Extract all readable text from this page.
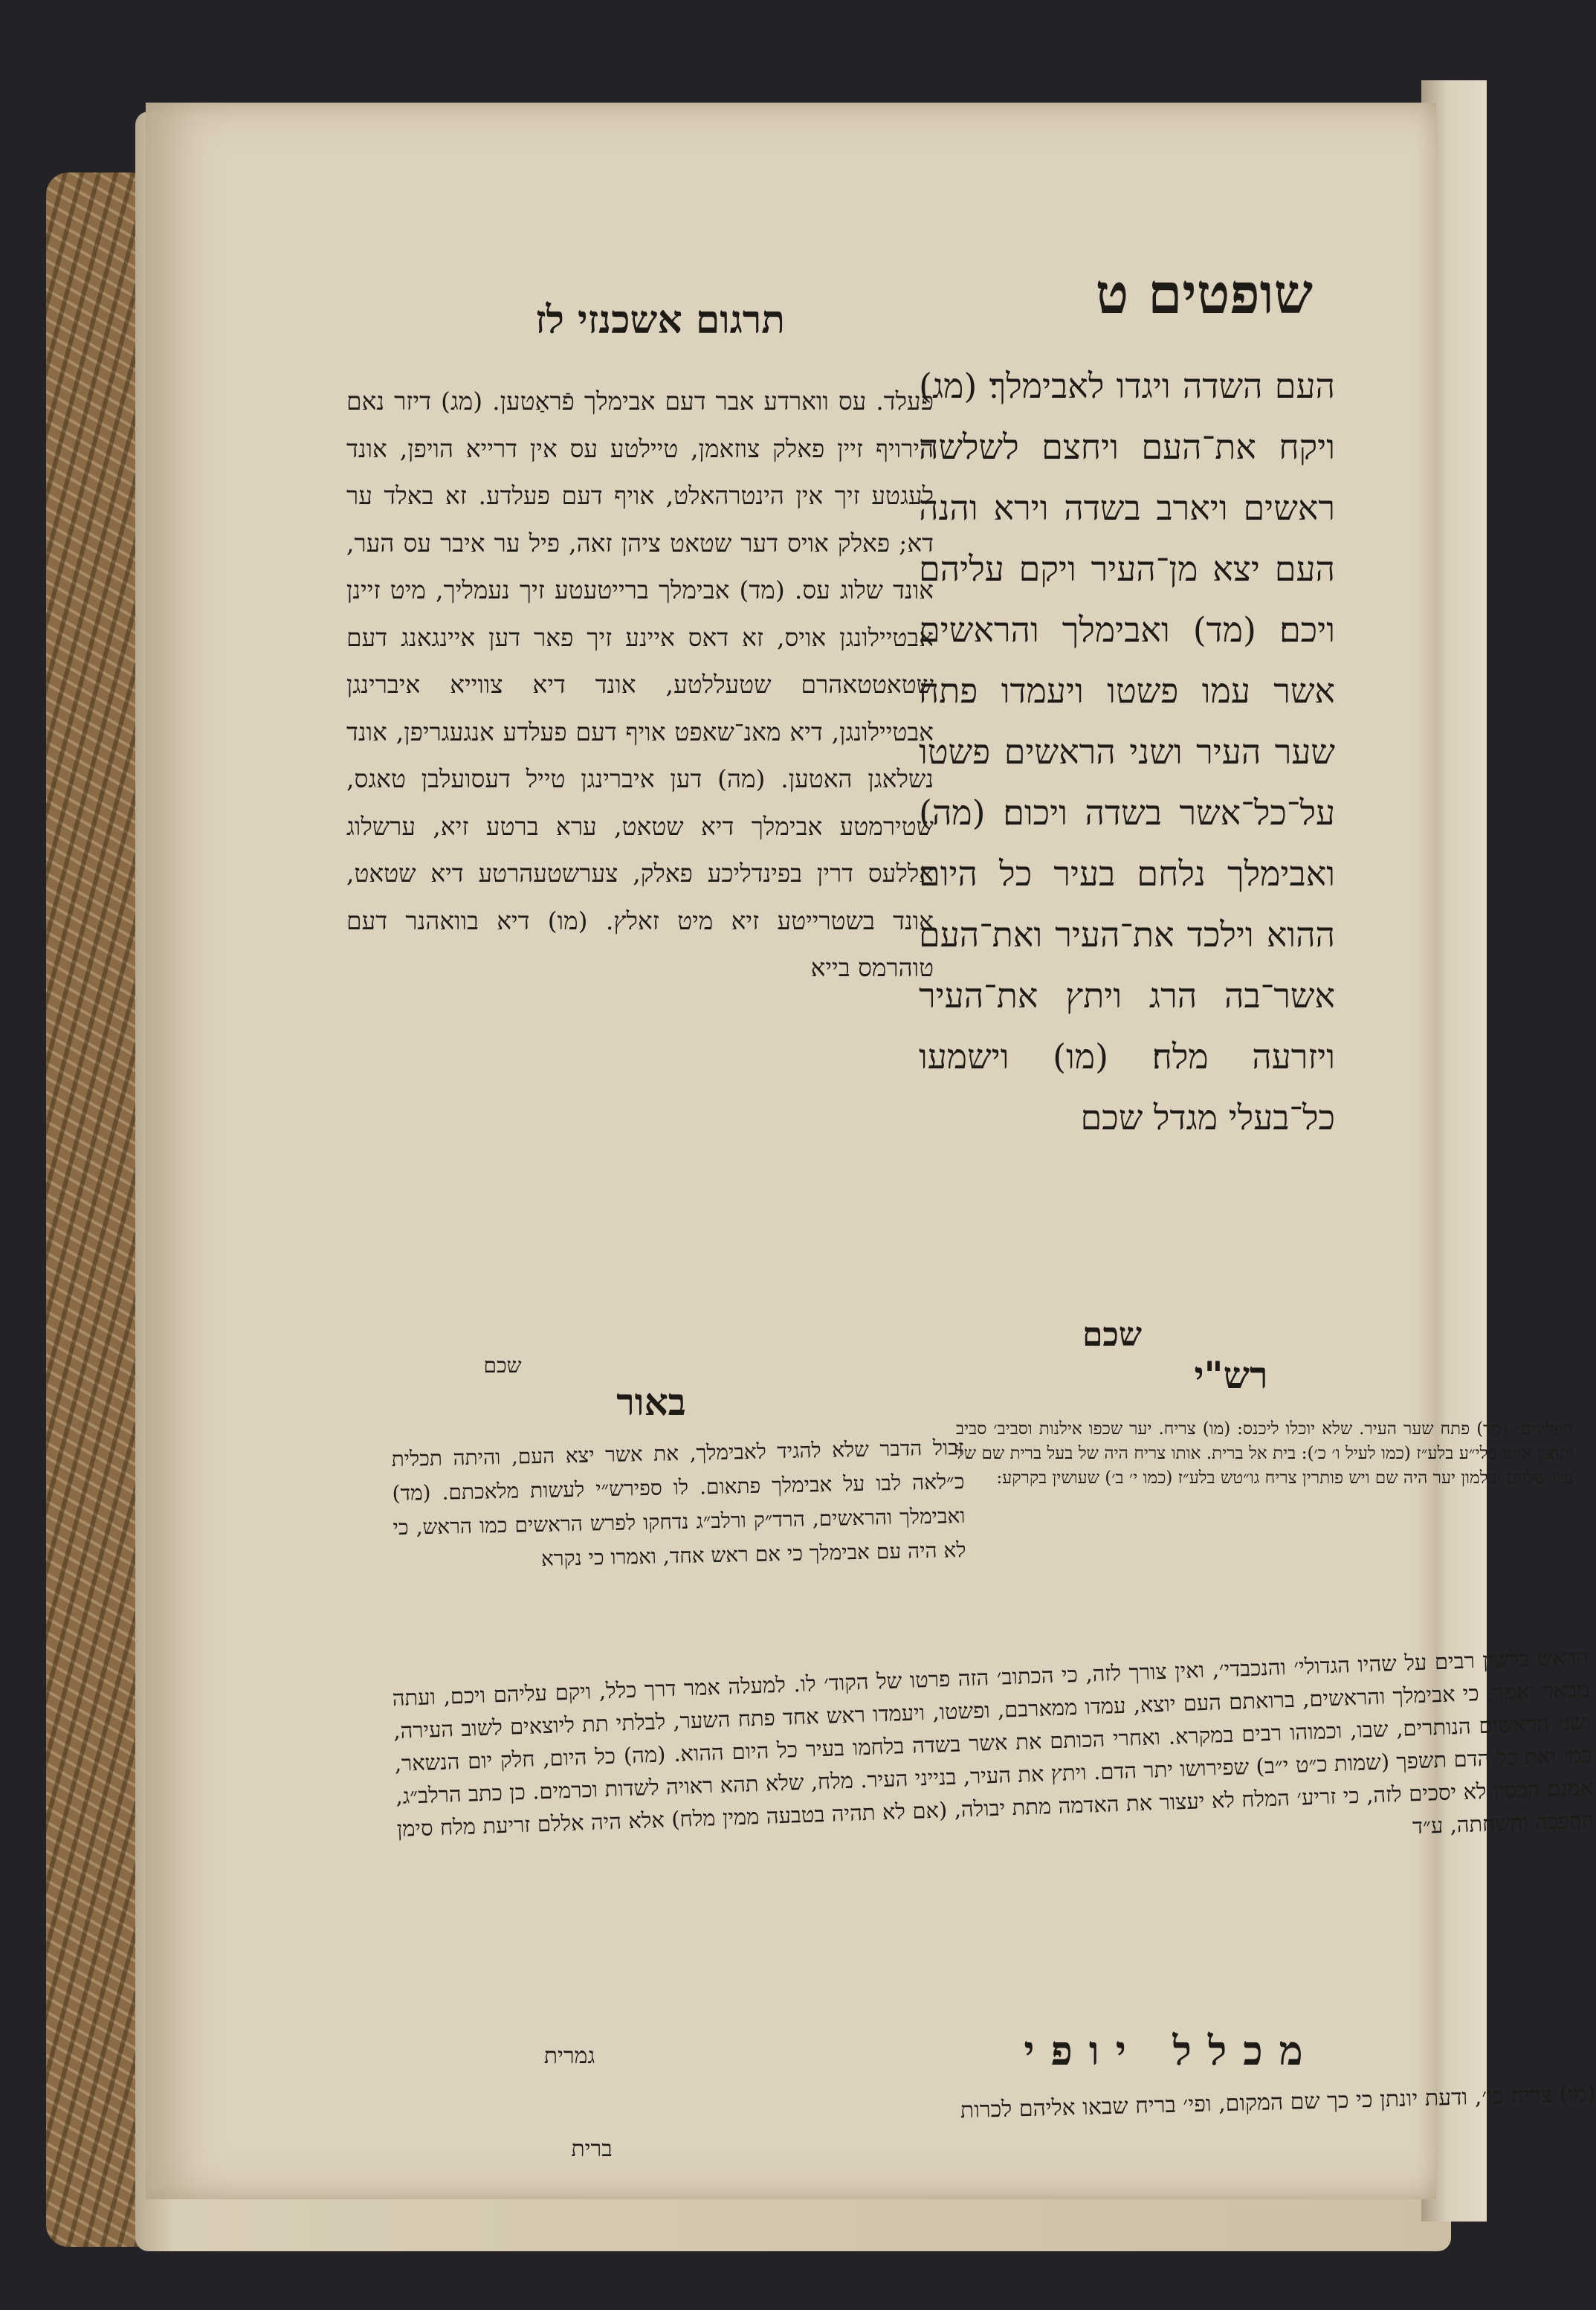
שופטים ט
תרגום אשכנזי לז
העם השדה ויגדו לאבימלך׃ (מג) ויקח את־העם ויחצם לשלשה ראשים ויארב בשדה וירא והנה העם יצא מן־העיר ויקם עליהם ויכם׃ (מד) ואבימלך והראשים אשר עמו פשטו ויעמדו פתח שער העיר ושני הראשים פשטו על־כל־אשר בשדה ויכום׃ (מה) ואבימלך נלחם בעיר כל היום ההוא וילכד את־העיר ואת־העם אשר־בה הרג ויתץ את־העיר ויזרעה מלח׃ (מו) וישמעו כל־בעלי מגדל שכם
פעלד. עס ווארדע אבר דעם אבימלך פֿראַטען. (מג) דיזר נאם הירויף זיין פאלק צוזאמן, טיילטע עס אין דרייא הויפן, אונד לעגטע זיך אין הינטרהאלט, אויף דעם פעלדע. זא באלד ער דא; פאלק אויס דער שטאט ציהן זאה, פיל ער איבר עס הער, אונד שלוג עס. (מד) אבימלך ברייטעטע זיך נעמליך, מיט זיינן אבטיילונגן אויס, זא דאס איינע זיך פאר דען איינגאנג דעם שטאטטאהרם שטעללטע, אונד דיא צווייא איברינגן אבטיילונגן, דיא מאנ־שאפט אויף דעם פעלדע אנגעגריפן, אונד נשלאגן האטען. (מה) דען איברינגן טייל דעסועלבן טאגס, שטירמטע אבימלך דיא שטאט, ערא ברטע זיא, ערשלוג אללעס דרין בפינדליכע פאלק, צערשטעהרטע דיא שטאט, אונד בשטרייטע זיא מיט זאלץ. (מו) דיא בוואהנר דעם טוהרמס בייא
שכם
רש"י
שכם
באור
חפליגים: (מד) פתח שער העיר. שלא יוכלו ליכנס: (מו) צריח. יער שכפו אילנות וסביב׳ סביב וקוצין אותו פלי״ע בלע״ז (כמו לעיל ו׳ כ׳): בית אל ברית. אותו צריח היה של בעל ברית שם של ע״ז שלהם וכלמון יער היה שם ויש פותרין צריח גו״טש בלע״ז (כמו י׳ ב׳) שעושין בקרקע:
זבול הדבר שלא להגיד לאבימלך, את אשר יצא העם, והיתה תכלית כ״לאה לבו על אבימלך פתאום. לו ספירש״י לעשות מלאכתם. (מד) ואבימלך והראשים, הרד״ק ורלב״ג נדחקו לפרש הראשים כמו הראש, כי לא היה עם אבימלך כי אם ראש אחד, ואמרו כי נקרא
הראש בלשון רבים על שהיו הגדולי׳ והנכבדי׳, ואין צורך לזה, כי הכתוב׳ הזה פרטו של הקוד׳ לו. למעלה אמר דרך כלל, ויקם עליהם ויכם, ועתה מבאר ואמר, כי אבימלך והראשים, ברואתם העם יוצא, עמדו ממארבם, ופשטו, ויעמדו ראש אחד פתח השער, לבלתי תת ליוצאים לשוב העירה, ושני הראשים הנותרים, שבו, וכמוהו רבים במקרא. ואחרי הכותם את אשר בשדה בלחמו בעיר כל היום ההוא. (מה) כל היום, חלק יום הנשאר, כמו ואת כל הדם תשפך (שמות כ״ט י״ב) שפירושו יתר הדם. ויתץ את העיר, בנייני העיר. מלח, שלא תהא ראויה לשדות וכרמים. כן כתב הרלב״ג, אמנם הכסין לא יסכים לזה, כי זריע׳ המלח לא יעצור את האדמה מתת יבולה, (אם לא תהיה בטבעה ממין מלח) אלא היה אללם זריעת מלח סימן ההפכה והשחתה, ע״ד
מכלל יופי
גמרית
(מו) צריח כו׳, ודעת יונתן כי כך שם המקום, ופי׳ בריח שבאו אליהם לכרות
ברית
